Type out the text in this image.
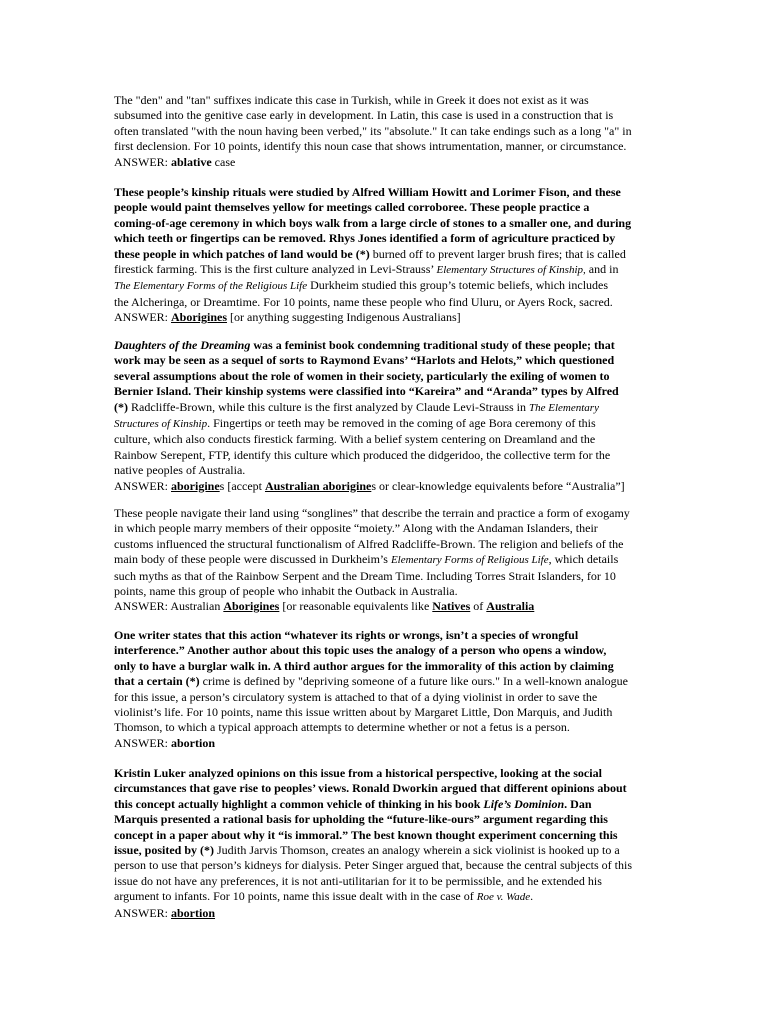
The "den" and "tan" suffixes indicate this case in Turkish, while in Greek it does not exist as it was
subsumed into the genitive case early in development. In Latin, this case is used in a construction that is
often translated "with the noun having been verbed," its "absolute." It can take endings such as a long "a" in
first declension. For 10 points, identify this noun case that shows intrumentation, manner, or circumstance.
ANSWER: ablative case
These people’s kinship rituals were studied by Alfred William Howitt and Lorimer Fison, and these
people would paint themselves yellow for meetings called corroboree. These people practice a
coming-of-age ceremony in which boys walk from a large circle of stones to a smaller one, and during
which teeth or fingertips can be removed. Rhys Jones identified a form of agriculture practiced by
these people in which patches of land would be (*) burned off to prevent larger brush fires; that is called
firestick farming. This is the first culture analyzed in Levi-Strauss’ Elementary Structures of Kinship, and in
The Elementary Forms of the Religious Life Durkheim studied this group’s totemic beliefs, which includes
the Alcheringa, or Dreamtime. For 10 points, name these people who find Uluru, or Ayers Rock, sacred.
ANSWER: Aborigines [or anything suggesting Indigenous Australians]
Daughters of the Dreaming was a feminist book condemning traditional study of these people; that
work may be seen as a sequel of sorts to Raymond Evans’ “Harlots and Helots,” which questioned
several assumptions about the role of women in their society, particularly the exiling of women to
Bernier Island. Their kinship systems were classified into “Kareira” and “Aranda” types by Alfred
(*) Radcliffe-Brown, while this culture is the first analyzed by Claude Levi-Strauss in The Elementary
Structures of Kinship. Fingertips or teeth may be removed in the coming of age Bora ceremony of this
culture, which also conducts firestick farming. With a belief system centering on Dreamland and the
Rainbow Serepent, FTP, identify this culture which produced the didgeridoo, the collective term for the
native peoples of Australia.
ANSWER: aborigines [accept Australian aborigines or clear-knowledge equivalents before “Australia”]
These people navigate their land using “songlines” that describe the terrain and practice a form of exogamy
in which people marry members of their opposite “moiety.” Along with the Andaman Islanders, their
customs influenced the structural functionalism of Alfred Radcliffe-Brown. The religion and beliefs of the
main body of these people were discussed in Durkheim’s Elementary Forms of Religious Life, which details
such myths as that of the Rainbow Serpent and the Dream Time. Including Torres Strait Islanders, for 10
points, name this group of people who inhabit the Outback in Australia.
ANSWER: Australian Aborigines [or reasonable equivalents like Natives of Australia
One writer states that this action “whatever its rights or wrongs, isn’t a species of wrongful
interference.” Another author about this topic uses the analogy of a person who opens a window,
only to have a burglar walk in. A third author argues for the immorality of this action by claiming
that a certain (*) crime is defined by "depriving someone of a future like ours." In a well-known analogue
for this issue, a person’s circulatory system is attached to that of a dying violinist in order to save the
violinist’s life. For 10 points, name this issue written about by Margaret Little, Don Marquis, and Judith
Thomson, to which a typical approach attempts to determine whether or not a fetus is a person.
ANSWER: abortion
Kristin Luker analyzed opinions on this issue from a historical perspective, looking at the social
circumstances that gave rise to peoples’ views. Ronald Dworkin argued that different opinions about
this concept actually highlight a common vehicle of thinking in his book Life’s Dominion. Dan
Marquis presented a rational basis for upholding the “future-like-ours” argument regarding this
concept in a paper about why it “is immoral.” The best known thought experiment concerning this
issue, posited by (*) Judith Jarvis Thomson, creates an analogy wherein a sick violinist is hooked up to a
person to use that person’s kidneys for dialysis. Peter Singer argued that, because the central subjects of this
issue do not have any preferences, it is not anti-utilitarian for it to be permissible, and he extended his
argument to infants. For 10 points, name this issue dealt with in the case of Roe v. Wade.
ANSWER: abortion
